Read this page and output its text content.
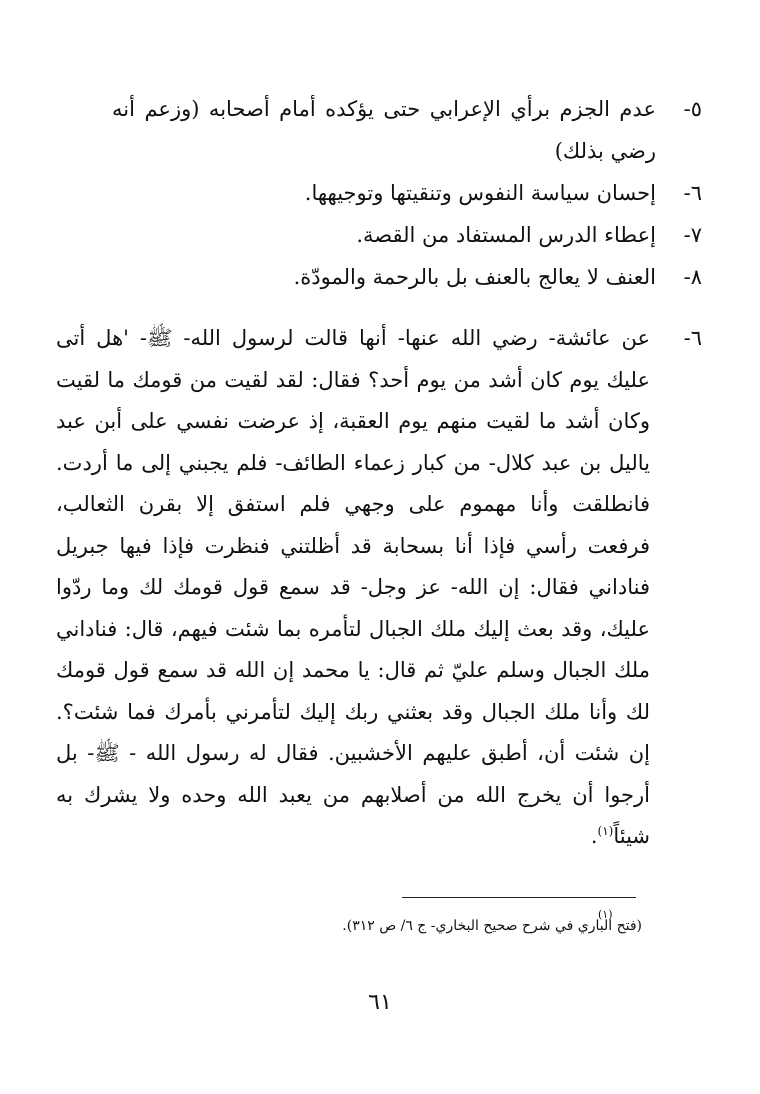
٥-
عدم الجزم برأي الإعرابي حتى يؤكده أمام أصحابه (وزعم أنه رضي بذلك)
٦-
إحسان سياسة النفوس وتنقيتها وتوجيهها.
٧-
إعطاء الدرس المستفاد من القصة.
٨-
العنف لا يعالج بالعنف بل بالرحمة والمودّة.
٦-
عن عائشة- رضي الله عنها- أنها قالت لرسول الله- ﷺ- 'هل أتى عليك يوم كان أشد من يوم أحد؟ فقال: لقد لقيت من قومك ما لقيت وكان أشد ما لقيت منهم يوم العقبة، إذ عرضت نفسي على أبن عبد ياليل بن عبد كلال- من كبار زعماء الطائف- فلم يجبني إلى ما أردت. فانطلقت وأنا مهموم على وجهي فلم استفق إلا بقرن الثعالب، فرفعت رأسي فإذا أنا بسحابة قد أظلتني فنظرت فإذا فيها جبريل فناداني فقال: إن الله- عز وجل- قد سمع قول قومك لك وما ردّوا عليك، وقد بعث إليك ملك الجبال لتأمره بما شئت فيهم، قال: فناداني ملك الجبال وسلم عليّ ثم قال: يا محمد إن الله قد سمع قول قومك لك وأنا ملك الجبال وقد بعثني ربك إليك لتأمرني بأمرك فما شئت؟. إن شئت أن، أطبق عليهم الأخشبين. فقال له رسول الله - ﷺ- بل أرجوا أن يخرج الله من أصلابهم من يعبد الله وحده ولا يشرك به شيئاً$^{(١)}$.
(١)
(فتح الباري في شرح صحيح البخاري- ج ٦/ ص ٣١٢).
٦١
